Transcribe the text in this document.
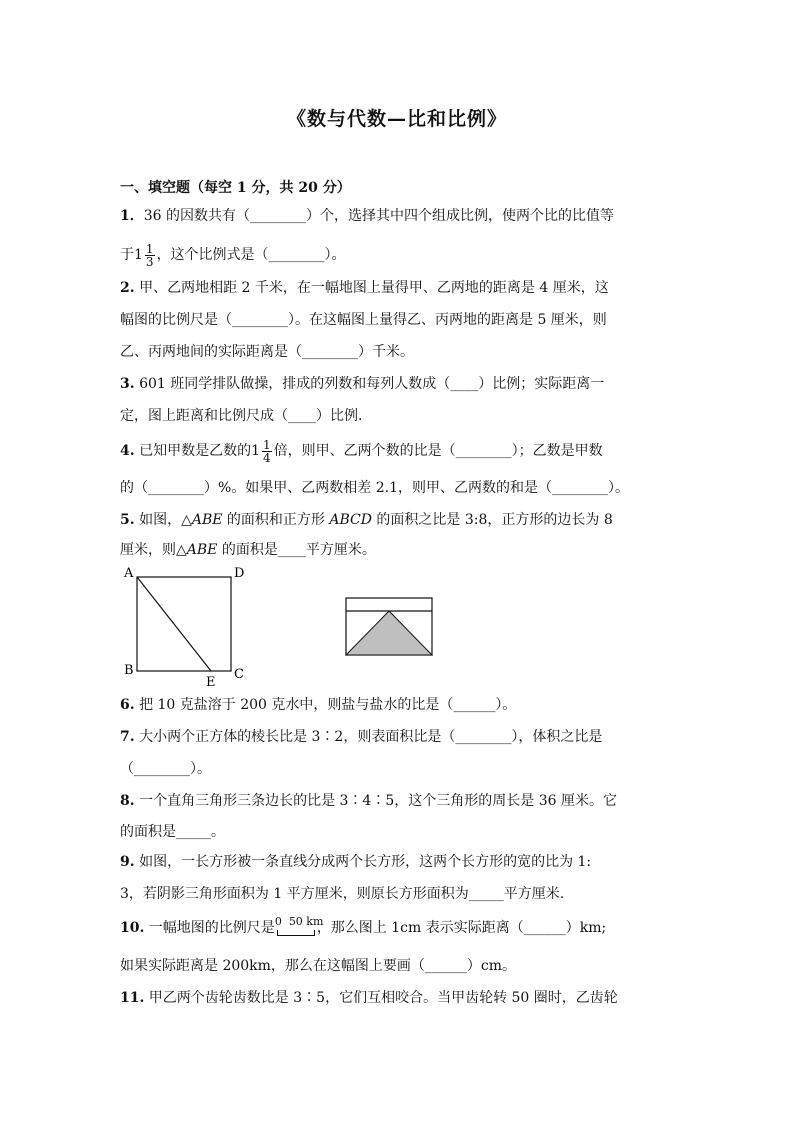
《数与代数—比和比例》
一、填空题（每空 1 分，共 20 分）
1．36 的因数共有（________）个，选择其中四个组成比例，使两个比的比值等
于$1 \frac{1}{3}$ ，这个比例式是（________）。
2. 甲、乙两地相距 2 千米，在一幅地图上量得甲、乙两地的距离是 4 厘米，这
幅图的比例尺是（________）。在这幅图上量得乙、丙两地的距离是 5 厘米，则
乙、丙两地间的实际距离是（________）千米。
3. 601 班同学排队做操，排成的列数和每列人数成（____）比例；实际距离一
定，图上距离和比例尺成（____）比例.
4. 已知甲数是乙数的$1 \frac{1}{4}$ 倍，则甲、乙两个数的比是（________）；乙数是甲数
的（________）%。如果甲、乙两数相差 2.1，则甲、乙两数的和是（________）。
5. 如图，△ABE 的面积和正方形 ABCD 的面积之比是 3:8，正方形的边长为 8
厘米，则△ABE 的面积是____平方厘米。
A	D
B	C
E
6. 把 10 克盐溶于 200 克水中，则盐与盐水的比是（______）。
7. 大小两个正方体的棱长比是 3∶2，则表面积比是（________），体积之比是
（________）。
8. 一个直角三角形三条边长的比是 3∶4∶5，这个三角形的周长是 36 厘米。它
的面积是_____。
9. 如图，一长方形被一条直线分成两个长方形，这两个长方形的宽的比为 1:
3，若阴影三角形面积为 1 平方厘米，则原长方形面积为_____平方厘米.
10. 一幅地图的比例尺是 0 50 km
，那么图上 1cm 表示实际距离（______）km;
如果实际距离是 200km，那么在这幅图上要画（______）cm。
11. 甲乙两个齿轮齿数比是 3∶5，它们互相咬合。当甲齿轮转 50 圈时，乙齿轮
